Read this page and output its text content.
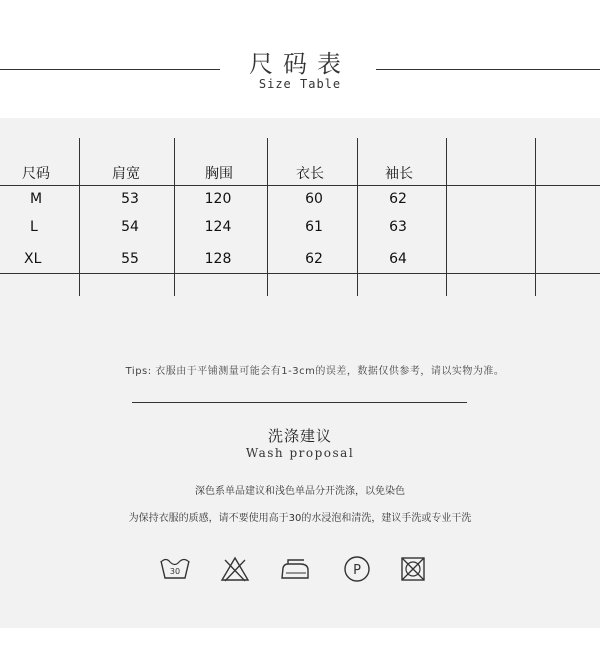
尺码表
Size Table
尺码	肩宽	胸围	衣长	袖长
M	53	120	60	62
L	54	124	61	63
XL	55	128	62	64
Tips: 衣服由于平铺测量可能会有1-3cm的误差，数据仅供参考，请以实物为准。
洗涤建议
Wash proposal
深色系单品建议和浅色单品分开洗涤，以免染色
为保持衣服的质感，请不要使用高于30的水浸泡和清洗，建议手洗或专业干洗
30	P
